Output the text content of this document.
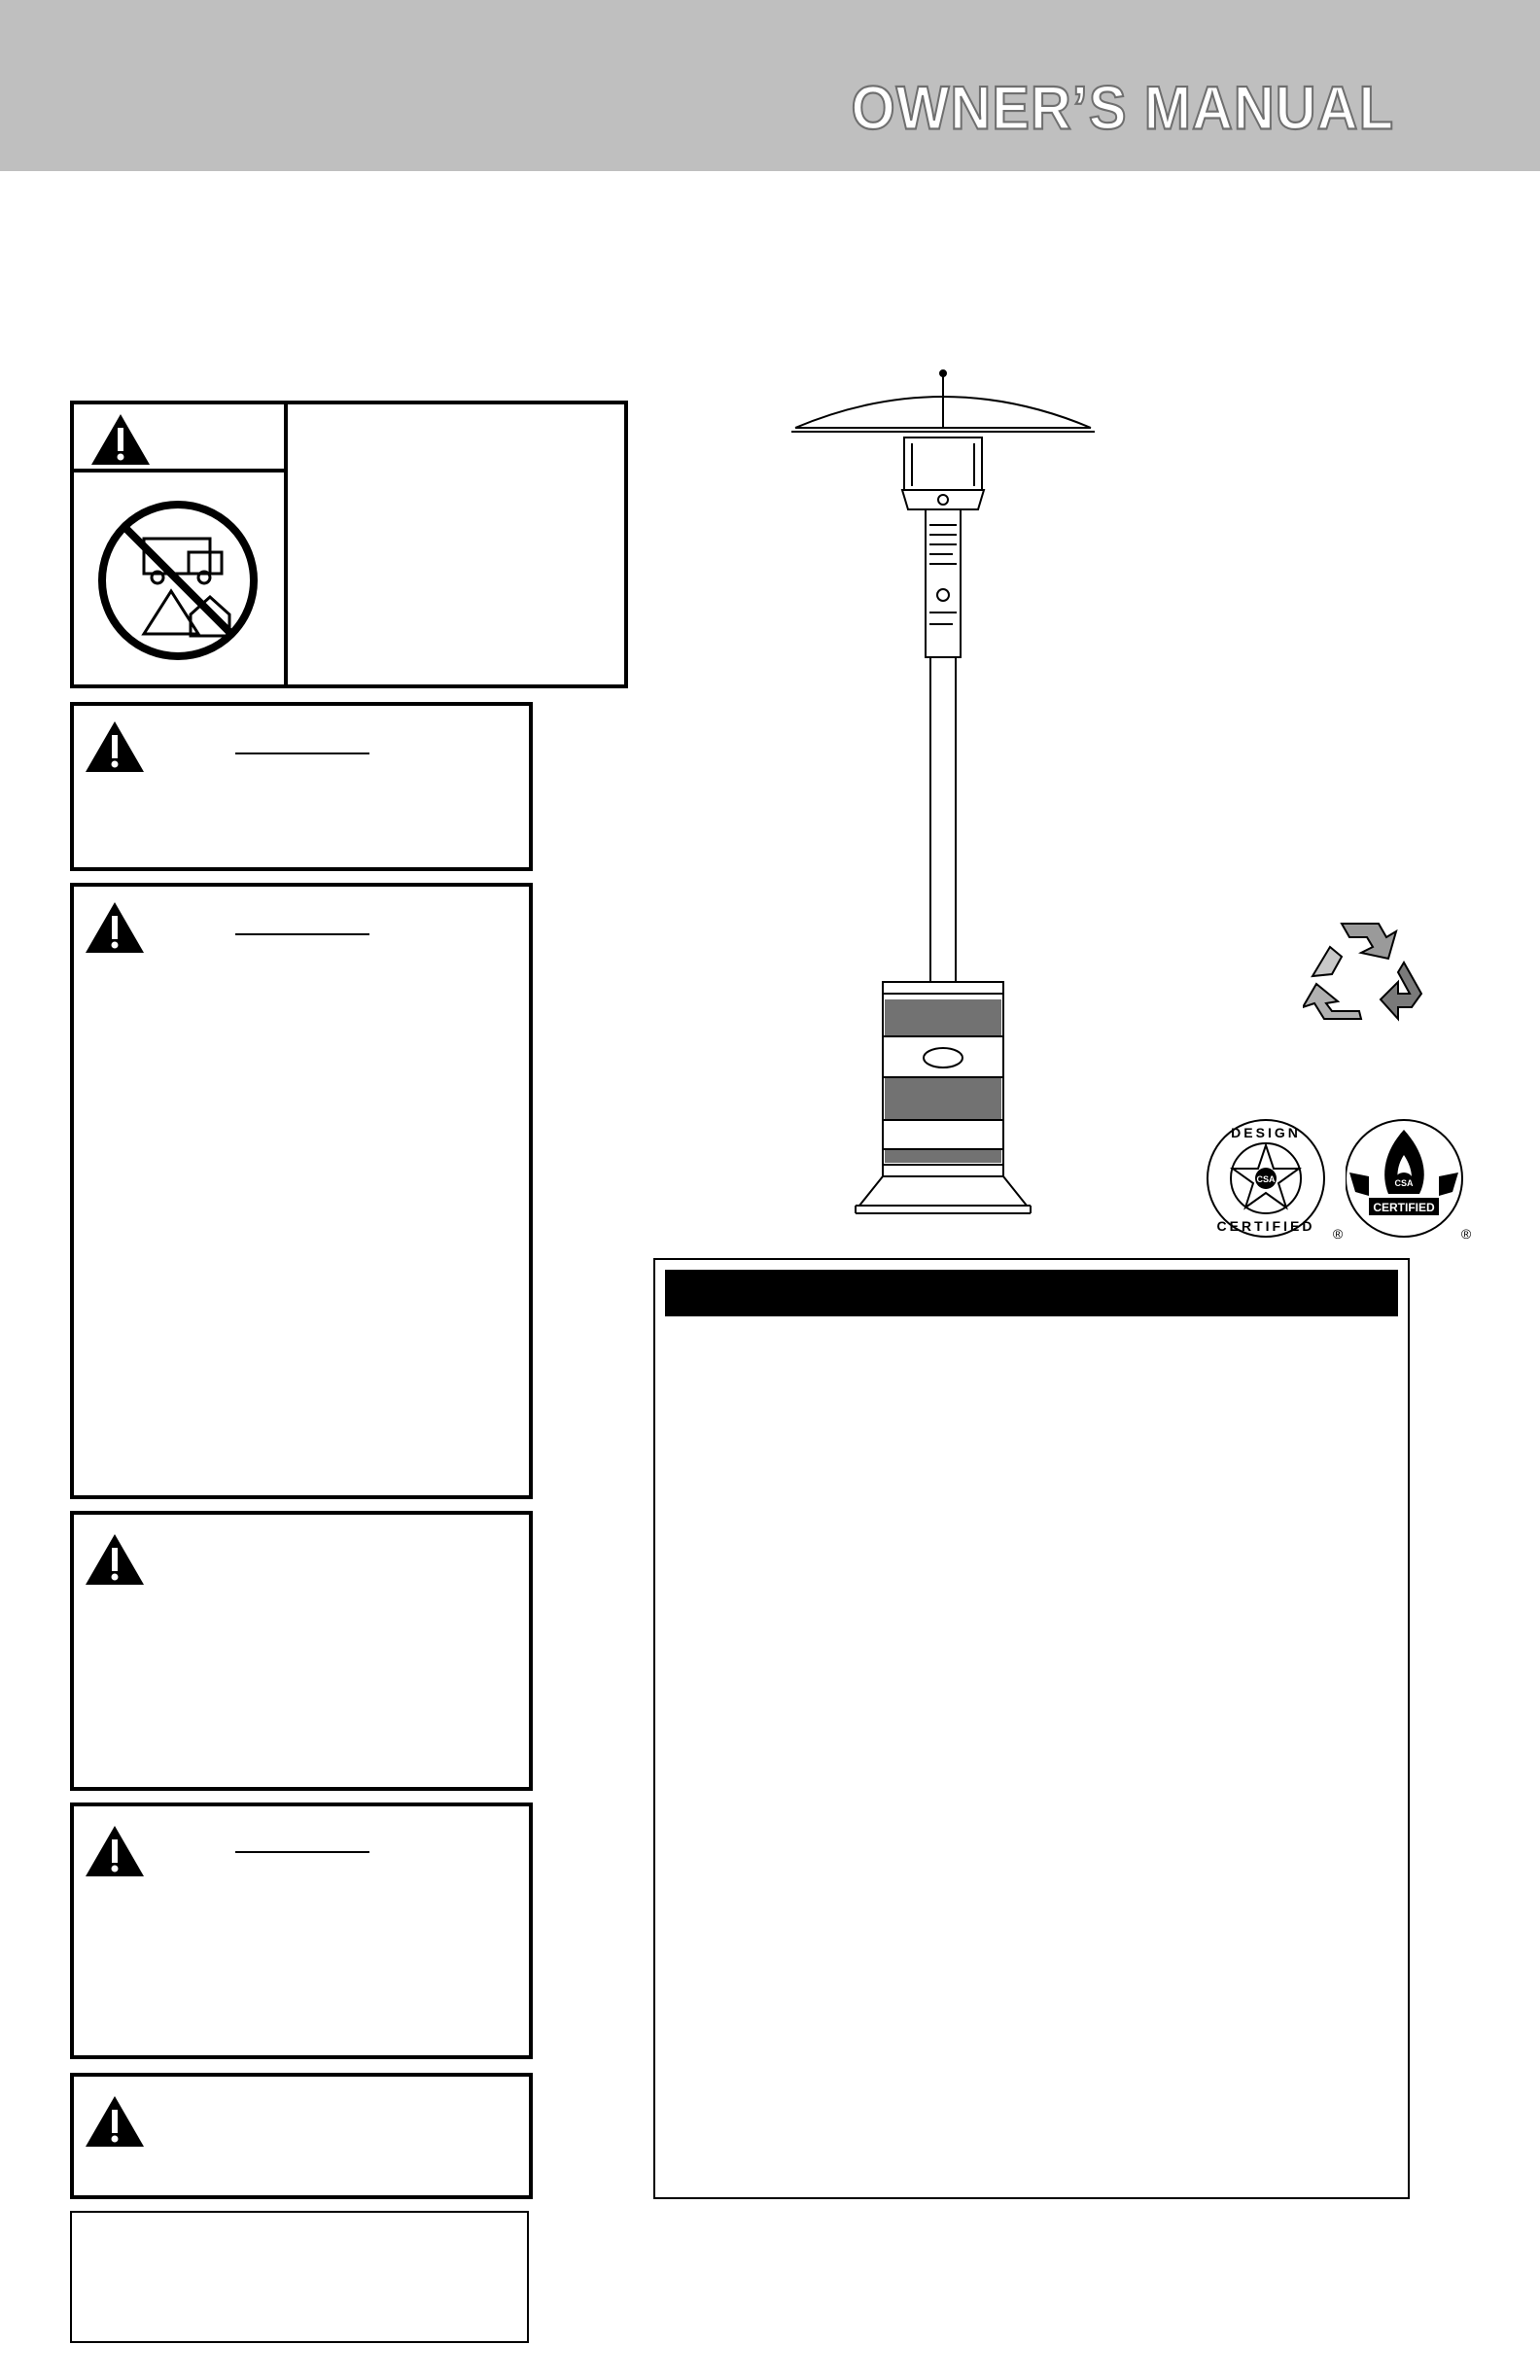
OWNER’S MANUAL
CSA
DESIGN
CERTIFIED ®
CSA
CERTIFIED
®
